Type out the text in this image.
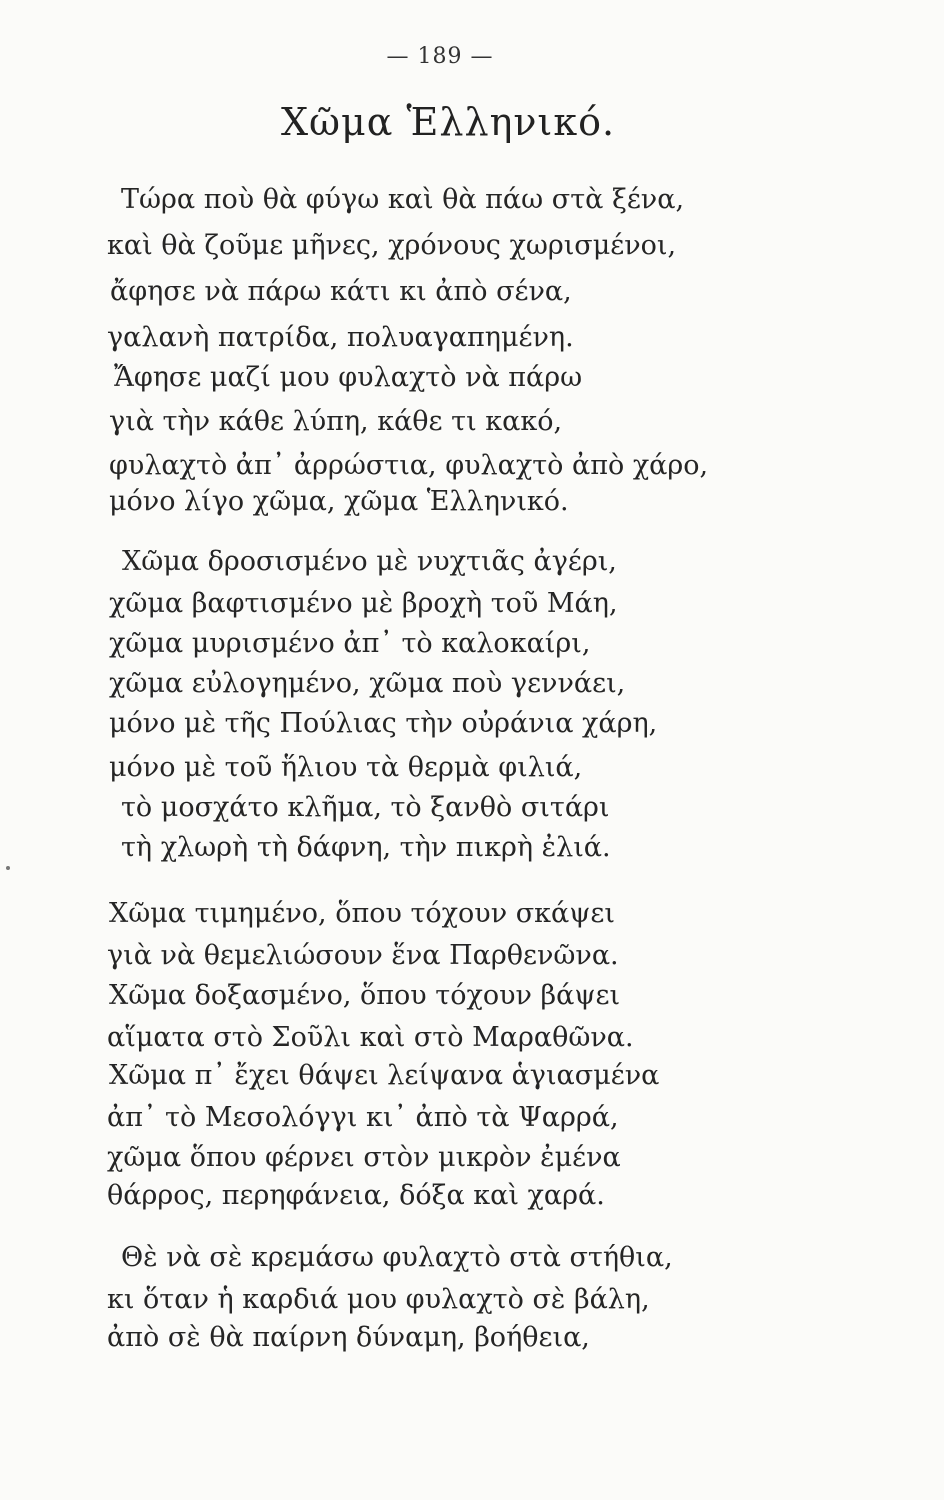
— 189 —
Χῶμα Ἑλληνικό.
Τώρα ποὺ θὰ φύγω καὶ θὰ πάω στὰ ξένα,
καὶ θὰ ζοῦμε μῆνες, χρόνους χωρισμένοι,
ἄφησε νὰ πάρω κάτι κι ἀπὸ σένα,
γαλανὴ πατρίδα, πολυαγαπημένη.
Ἄφησε μαζί μου φυλαχτὸ νὰ πάρω
γιὰ τὴν κάθε λύπη, κάθε τι κακό,
φυλαχτὸ ἀπ᾽ ἀρρώστια, φυλαχτὸ ἀπὸ χάρο,
μόνο λίγο χῶμα, χῶμα Ἑλληνικό.
Χῶμα δροσισμένο μὲ νυχτιᾶς ἀγέρι,
χῶμα βαφτισμένο μὲ βροχὴ τοῦ Μάη,
χῶμα μυρισμένο ἀπ᾽ τὸ καλοκαίρι,
χῶμα εὐλογημένο, χῶμα ποὺ γεννάει,
μόνο μὲ τῆς Πούλιας τὴν οὐράνια χάρη,
μόνο μὲ τοῦ ἥλιου τὰ θερμὰ φιλιά,
τὸ μοσχάτο κλῆμα, τὸ ξανθὸ σιτάρι
τὴ χλωρὴ τὴ δάφνη, τὴν πικρὴ ἐλιά.
Χῶμα τιμημένο, ὅπου τόχουν σκάψει
γιὰ νὰ θεμελιώσουν ἕνα Παρθενῶνα.
Χῶμα δοξασμένο, ὅπου τόχουν βάψει
αἵματα στὸ Σοῦλι καὶ στὸ Μαραθῶνα.
Χῶμα π᾽ ἔχει θάψει λείψανα ἁγιασμένα
ἀπ᾽ τὸ Μεσολόγγι κι᾽ ἀπὸ τὰ Ψαρρά,
χῶμα ὅπου φέρνει στὸν μικρὸν ἐμένα
θάρρος, περηφάνεια, δόξα καὶ χαρά.
Θὲ νὰ σὲ κρεμάσω φυλαχτὸ στὰ στήθια,
κι ὅταν ἡ καρδιά μου φυλαχτὸ σὲ βάλη,
ἀπὸ σὲ θὰ παίρνη δύναμη, βοήθεια,
